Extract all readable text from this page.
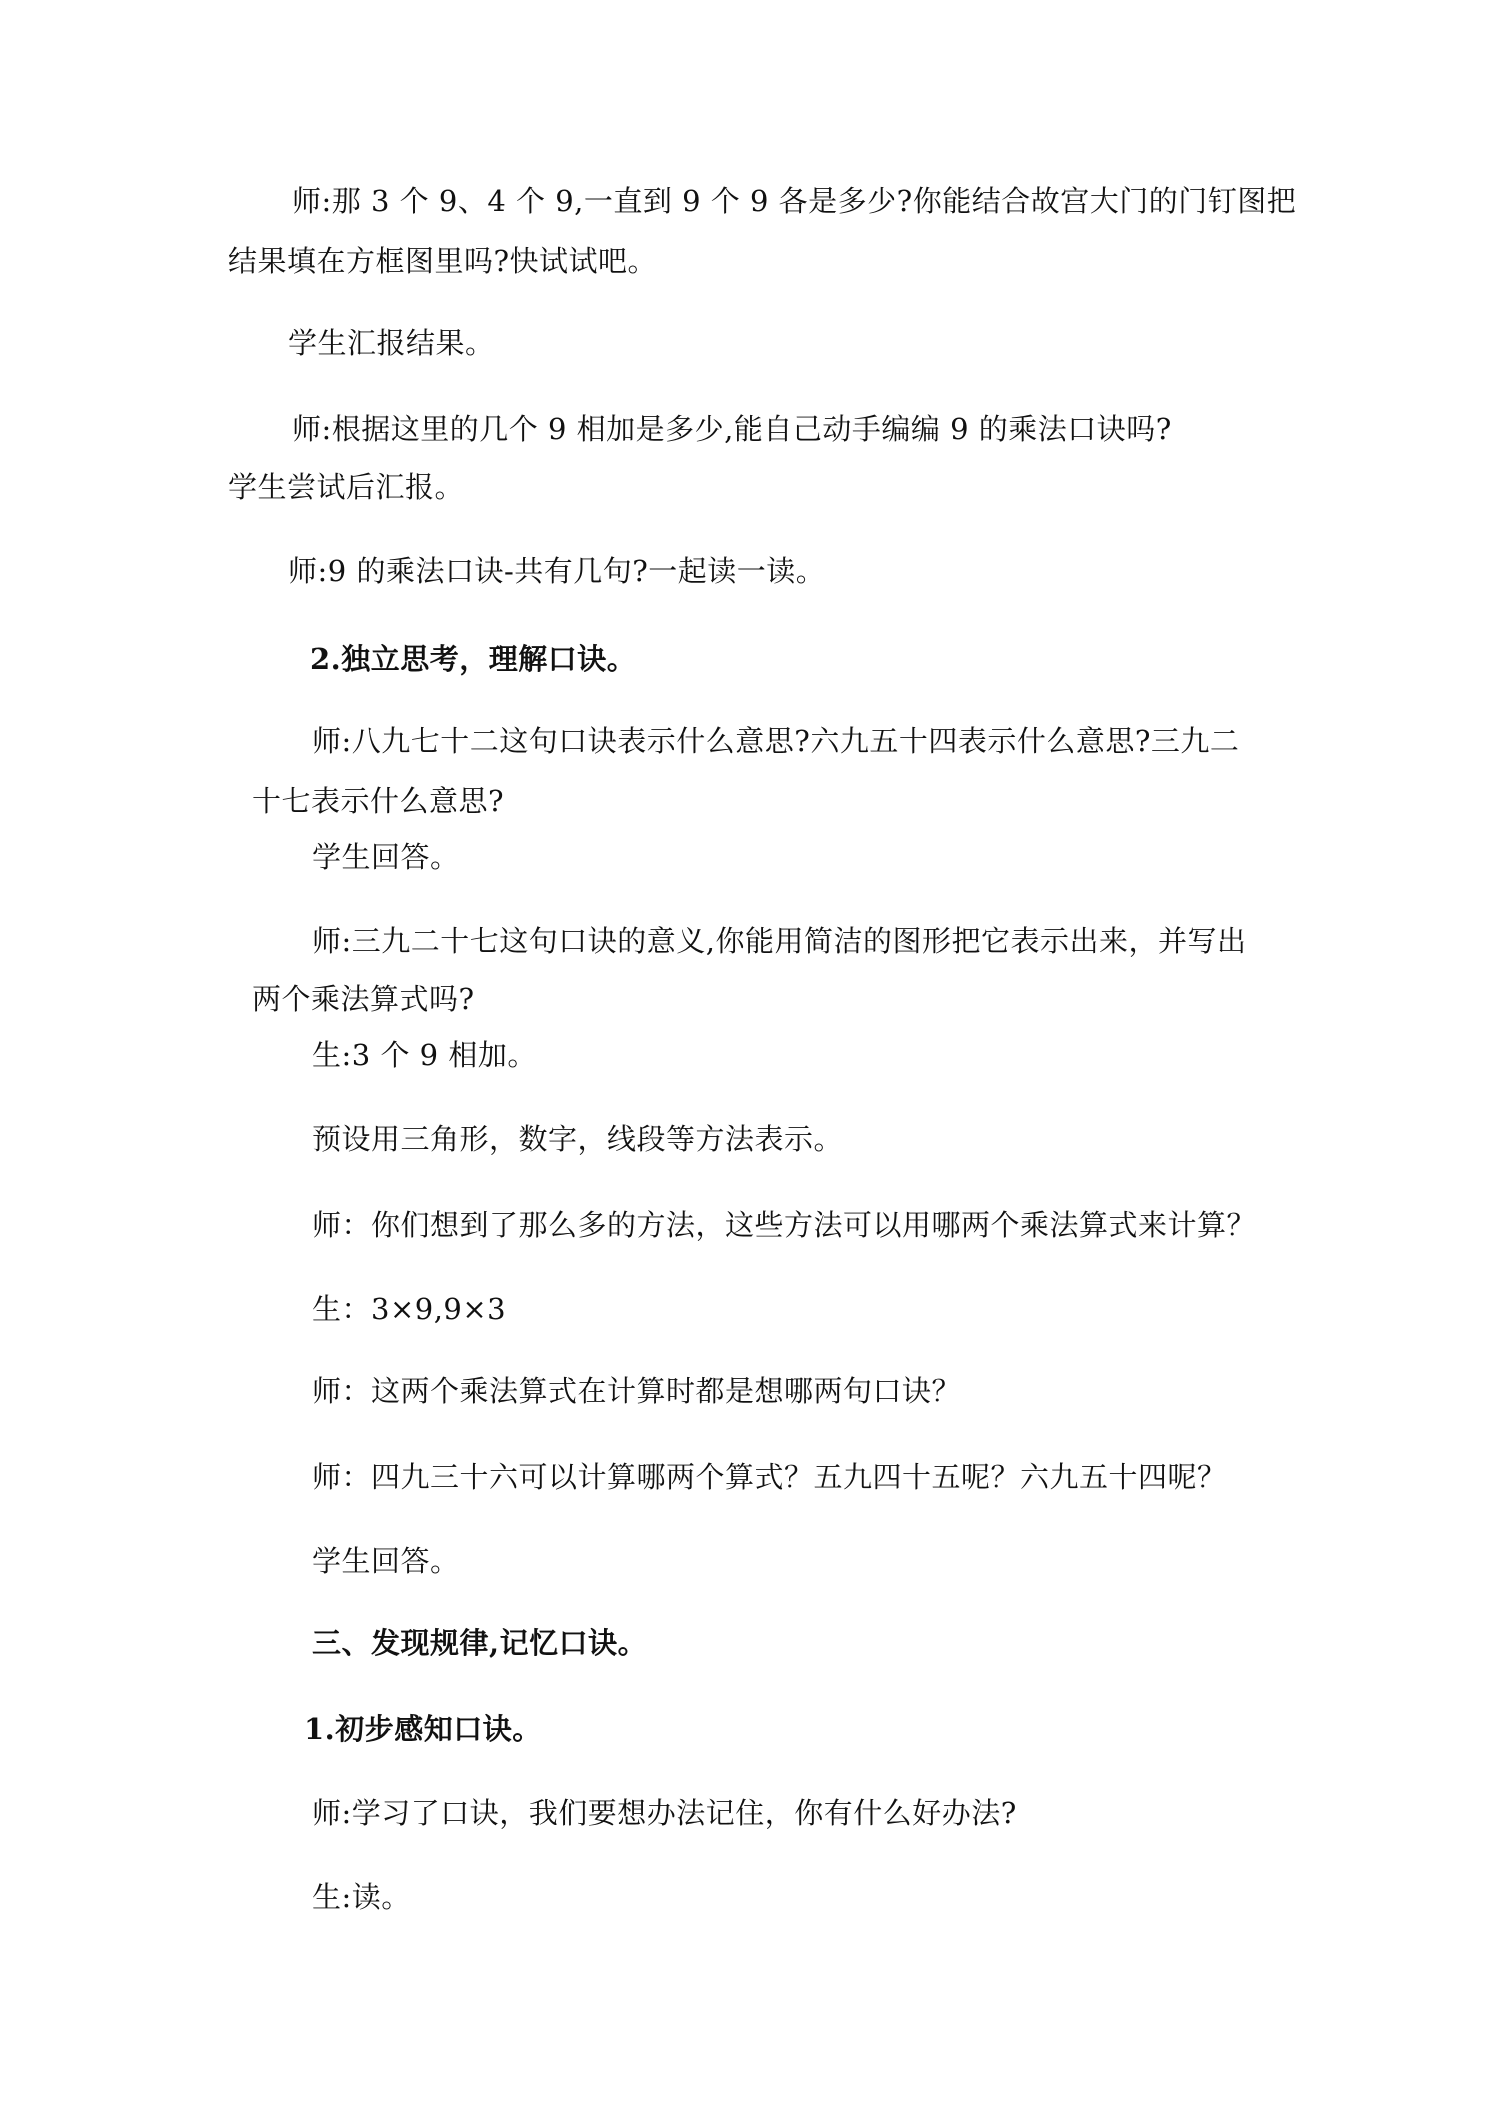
师:那 3 个 9、4 个 9,一直到 9 个 9 各是多少?你能结合故宫大门的门钉图把
结果填在方框图里吗?快试试吧。
学生汇报结果。
师:根据这里的几个 9 相加是多少,能自己动手编编 9 的乘法口诀吗?
学生尝试后汇报。
师:9 的乘法口诀-共有几句?一起读一读。
2.独立思考，理解口诀。
师:八九七十二这句口诀表示什么意思?六九五十四表示什么意思?三九二
十七表示什么意思?
学生回答。
师:三九二十七这句口诀的意义,你能用简洁的图形把它表示出来，并写出
两个乘法算式吗?
生:3 个 9 相加。
预设用三角形，数字，线段等方法表示。
师：你们想到了那么多的方法，这些方法可以用哪两个乘法算式来计算？
生：3×9,9×3
师：这两个乘法算式在计算时都是想哪两句口诀？
师：四九三十六可以计算哪两个算式？五九四十五呢？六九五十四呢？
学生回答。
三、发现规律,记忆口诀。
1.初步感知口诀。
师:学习了口诀，我们要想办法记住，你有什么好办法?
生:读。
